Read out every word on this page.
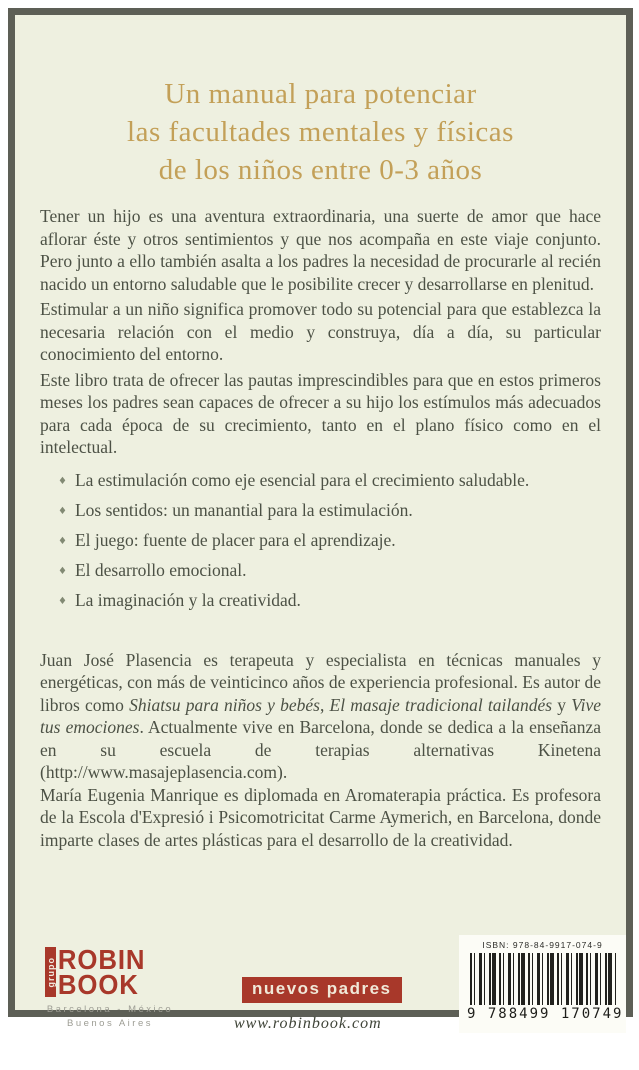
Un manual para potenciar
las facultades mentales y físicas
de los niños entre 0-3 años

Tener un hijo es una aventura extraordinaria, una suerte de amor que hace aflorar éste y otros sentimientos y que nos acompaña en este viaje conjunto. Pero junto a ello también asalta a los padres la necesidad de procurarle al recién nacido un entorno saludable que le posibilite crecer y desarrollarse en plenitud.

Estimular a un niño significa promover todo su potencial para que establezca la necesaria relación con el medio y construya, día a día, su particular conocimiento del entorno.

Este libro trata de ofrecer las pautas imprescindibles para que en estos primeros meses los padres sean capaces de ofrecer a su hijo los estímulos más adecuados para cada época de su crecimiento, tanto en el plano físico como en el intelectual.

♦ La estimulación como eje esencial para el crecimiento saludable.
♦ Los sentidos: un manantial para la estimulación.
♦ El juego: fuente de placer para el aprendizaje.
♦ El desarrollo emocional.
♦ La imaginación y la creatividad.

Juan José Plasencia es terapeuta y especialista en técnicas manuales y energéticas, con más de veinticinco años de experiencia profesional. Es autor de libros como Shiatsu para niños y bebés, El masaje tradicional tailandés y Vive tus emociones. Actualmente vive en Barcelona, donde se dedica a la enseñanza en su escuela de terapias alternativas Kinetena (http://www.masajeplasencia.com).

María Eugenia Manrique es diplomada en Aromaterapia práctica. Es profesora de la Escola d'Expresió i Psicomotricitat Carme Aymerich, en Barcelona, donde imparte clases de artes plásticas para el desarrollo de la creatividad.

grupo ROBIN
BOOK
Barcelona - México
Buenos Aires
nuevos padres
www.robinbook.com
ISBN: 978-84-9917-074-9
9 788499 170749
